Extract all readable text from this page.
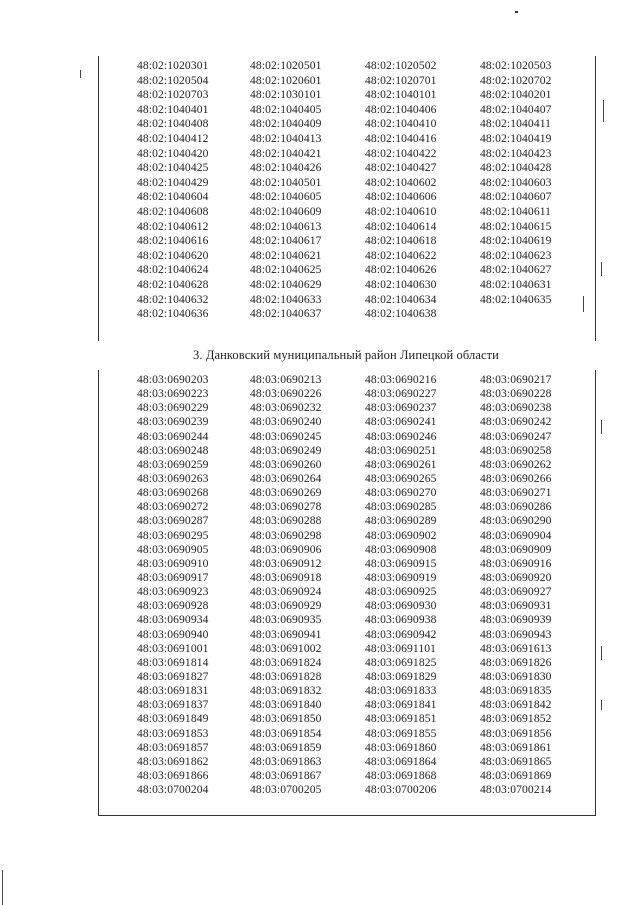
48:02:1020301	48:02:1020501	48:02:1020502	48:02:1020503
48:02:1020504	48:02:1020601	48:02:1020701	48:02:1020702
48:02:1020703	48:02:1030101	48:02:1040101	48:02:1040201
48:02:1040401	48:02:1040405	48:02:1040406	48:02:1040407
48:02:1040408	48:02:1040409	48:02:1040410	48:02:1040411
48:02:1040412	48:02:1040413	48:02:1040416	48:02:1040419
48:02:1040420	48:02:1040421	48:02:1040422	48:02:1040423
48:02:1040425	48:02:1040426	48:02:1040427	48:02:1040428
48:02:1040429	48:02:1040501	48:02:1040602	48:02:1040603
48:02:1040604	48:02:1040605	48:02:1040606	48:02:1040607
48:02:1040608	48:02:1040609	48:02:1040610	48:02:1040611
48:02:1040612	48:02:1040613	48:02:1040614	48:02:1040615
48:02:1040616	48:02:1040617	48:02:1040618	48:02:1040619
48:02:1040620	48:02:1040621	48:02:1040622	48:02:1040623
48:02:1040624	48:02:1040625	48:02:1040626	48:02:1040627
48:02:1040628	48:02:1040629	48:02:1040630	48:02:1040631
48:02:1040632	48:02:1040633	48:02:1040634	48:02:1040635
48:02:1040636	48:02:1040637	48:02:1040638
3. Данковский муниципальный район Липецкой области
48:03:0690203	48:03:0690213	48:03:0690216	48:03:0690217
48:03:0690223	48:03:0690226	48:03:0690227	48:03:0690228
48:03:0690229	48:03:0690232	48:03:0690237	48:03:0690238
48:03:0690239	48:03:0690240	48:03:0690241	48:03:0690242
48:03:0690244	48:03:0690245	48:03:0690246	48:03:0690247
48:03:0690248	48:03:0690249	48:03:0690251	48:03:0690258
48:03:0690259	48:03:0690260	48:03:0690261	48:03:0690262
48:03:0690263	48:03:0690264	48:03:0690265	48:03:0690266
48:03:0690268	48:03:0690269	48:03:0690270	48:03:0690271
48:03:0690272	48:03:0690278	48:03:0690285	48:03:0690286
48:03:0690287	48:03:0690288	48:03:0690289	48:03:0690290
48:03:0690295	48:03:0690298	48:03:0690902	48:03:0690904
48:03:0690905	48:03:0690906	48:03:0690908	48:03:0690909
48:03:0690910	48:03:0690912	48:03:0690915	48:03:0690916
48:03:0690917	48:03:0690918	48:03:0690919	48:03:0690920
48:03:0690923	48:03:0690924	48:03:0690925	48:03:0690927
48:03:0690928	48:03:0690929	48:03:0690930	48:03:0690931
48:03:0690934	48:03:0690935	48:03:0690938	48:03:0690939
48:03:0690940	48:03:0690941	48:03:0690942	48:03:0690943
48:03:0691001	48:03:0691002	48:03:0691101	48:03:0691613
48:03:0691814	48:03:0691824	48:03:0691825	48:03:0691826
48:03:0691827	48:03:0691828	48:03:0691829	48:03:0691830
48:03:0691831	48:03:0691832	48:03:0691833	48:03:0691835
48:03:0691837	48:03:0691840	48:03:0691841	48:03:0691842
48:03:0691849	48:03:0691850	48:03:0691851	48:03:0691852
48:03:0691853	48:03:0691854	48:03:0691855	48:03:0691856
48:03:0691857	48:03:0691859	48:03:0691860	48:03:0691861
48:03:0691862	48:03:0691863	48:03:0691864	48:03:0691865
48:03:0691866	48:03:0691867	48:03:0691868	48:03:0691869
48:03:0700204	48:03:0700205	48:03:0700206	48:03:0700214
